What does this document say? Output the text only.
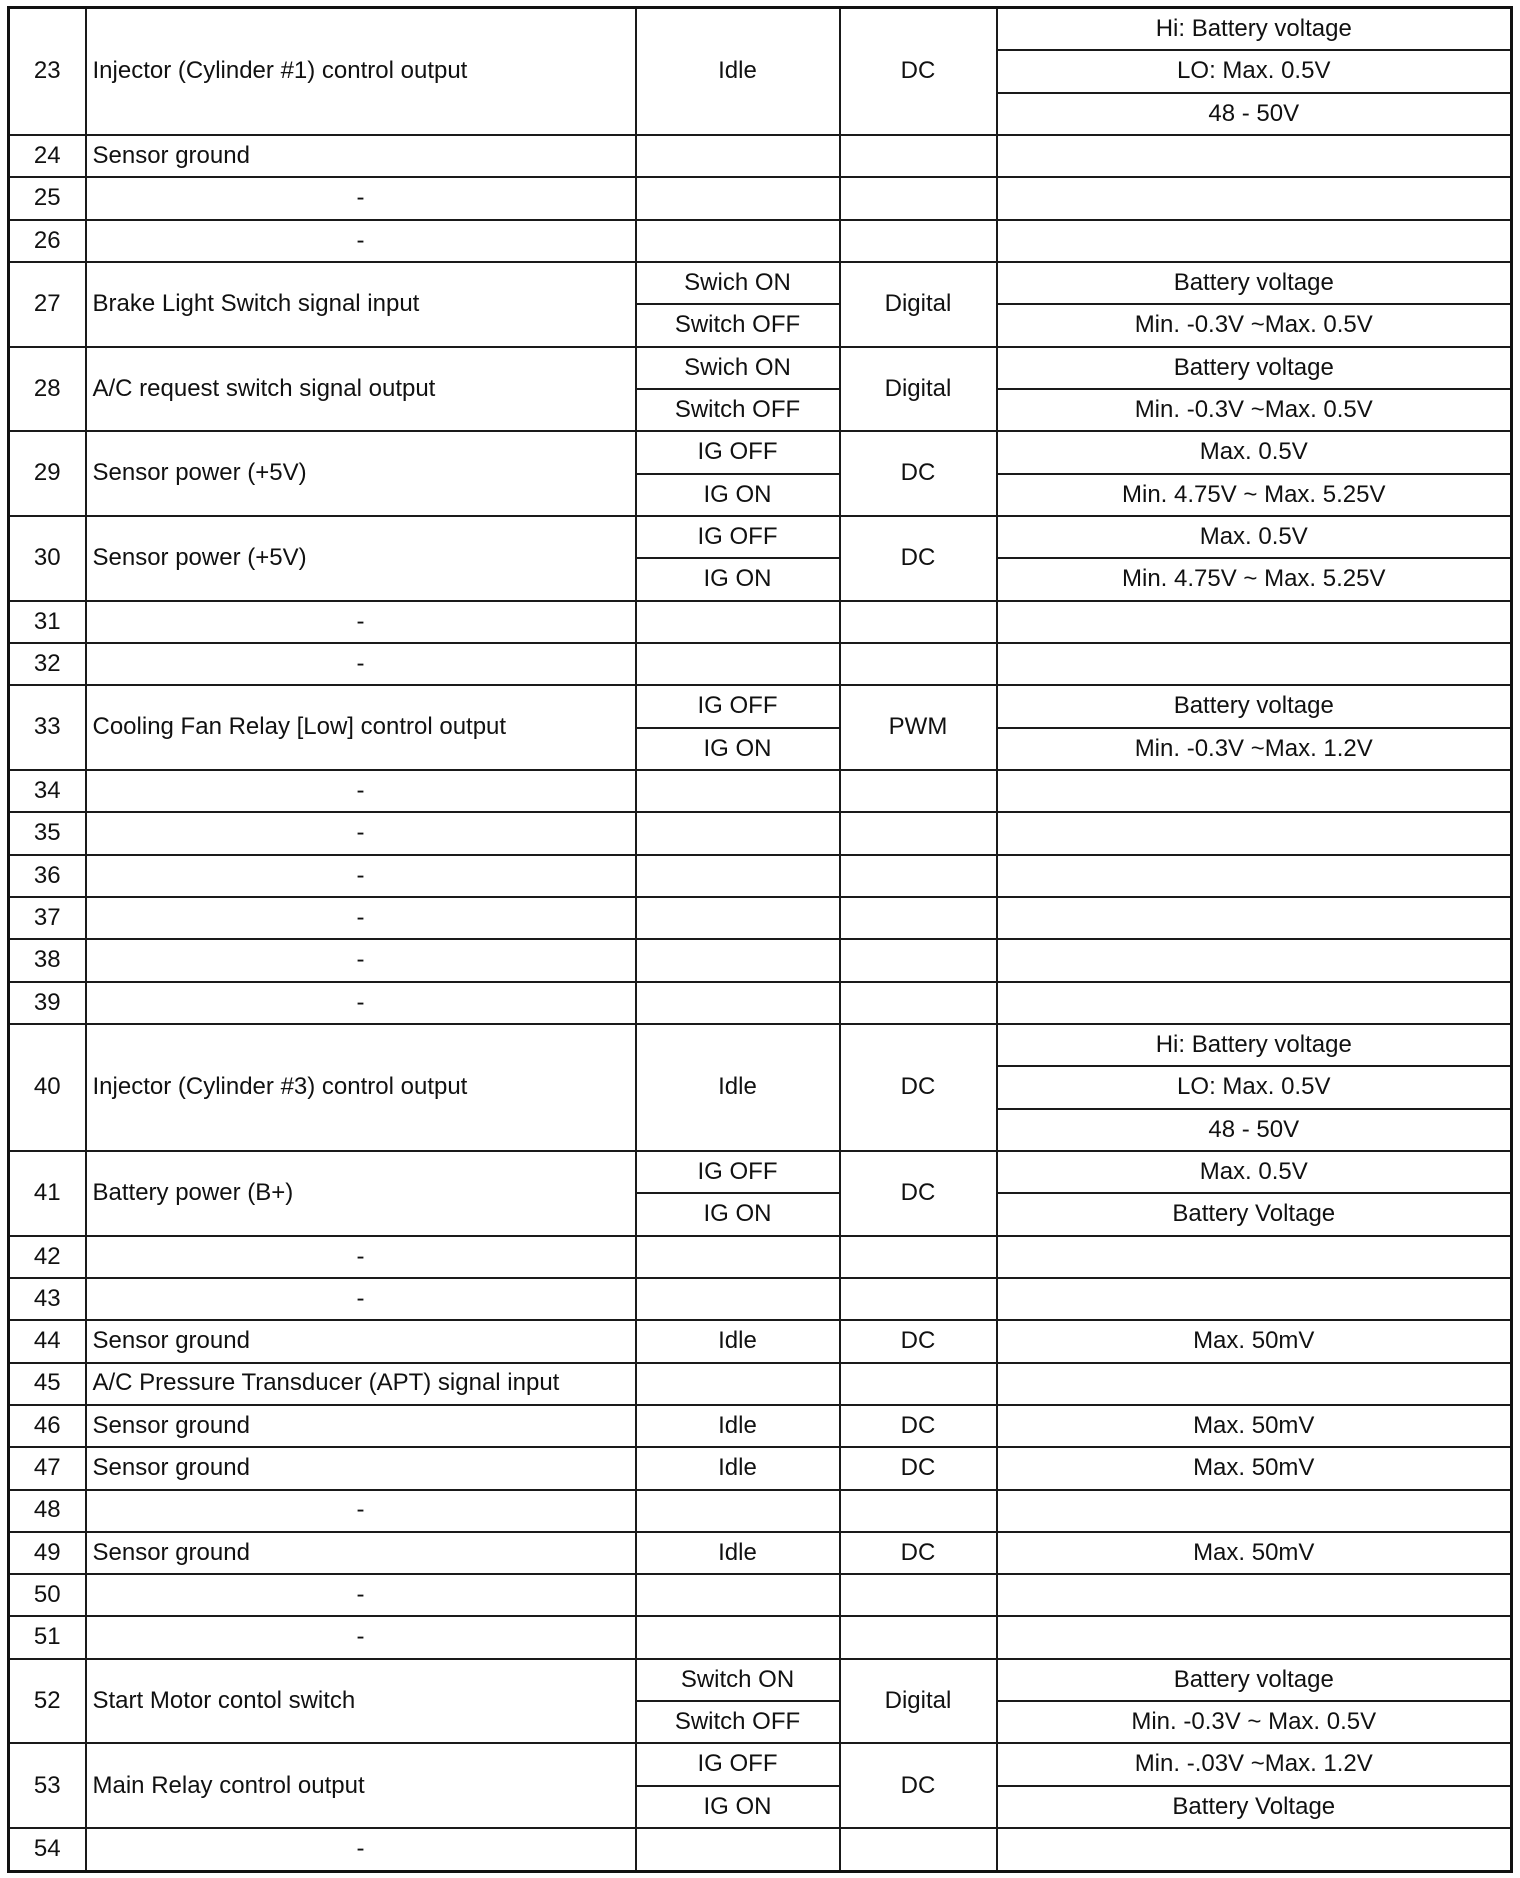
23	Injector (Cylinder #1) control output	Idle	DC	Hi: Battery voltage
				LO: Max. 0.5V
				48 - 50V
24	Sensor ground			
25	-			
26	-			
27	Brake Light Switch signal input	Swich ON	Digital	Battery voltage
		Switch OFF		Min. -0.3V ~Max. 0.5V
28	A/C request switch signal output	Swich ON	Digital	Battery voltage
		Switch OFF		Min. -0.3V ~Max. 0.5V
29	Sensor power (+5V)	IG OFF	DC	Max. 0.5V
		IG ON		Min. 4.75V ~ Max. 5.25V
30	Sensor power (+5V)	IG OFF	DC	Max. 0.5V
		IG ON		Min. 4.75V ~ Max. 5.25V
31	-			
32	-			
33	Cooling Fan Relay [Low] control output	IG OFF	PWM	Battery voltage
		IG ON		Min. -0.3V ~Max. 1.2V
34	-			
35	-			
36	-			
37	-			
38	-			
39	-			
40	Injector (Cylinder #3) control output	Idle	DC	Hi: Battery voltage
				LO: Max. 0.5V
				48 - 50V
41	Battery power (B+)	IG OFF	DC	Max. 0.5V
		IG ON		Battery Voltage
42	-			
43	-			
44	Sensor ground	Idle	DC	Max. 50mV
45	A/C Pressure Transducer (APT) signal input			
46	Sensor ground	Idle	DC	Max. 50mV
47	Sensor ground	Idle	DC	Max. 50mV
48	-			
49	Sensor ground	Idle	DC	Max. 50mV
50	-			
51	-			
52	Start Motor contol switch	Switch ON	Digital	Battery voltage
		Switch OFF		Min. -0.3V ~ Max. 0.5V
53	Main Relay control output	IG OFF	DC	Min. -.03V ~Max. 1.2V
		IG ON		Battery Voltage
54	-			
